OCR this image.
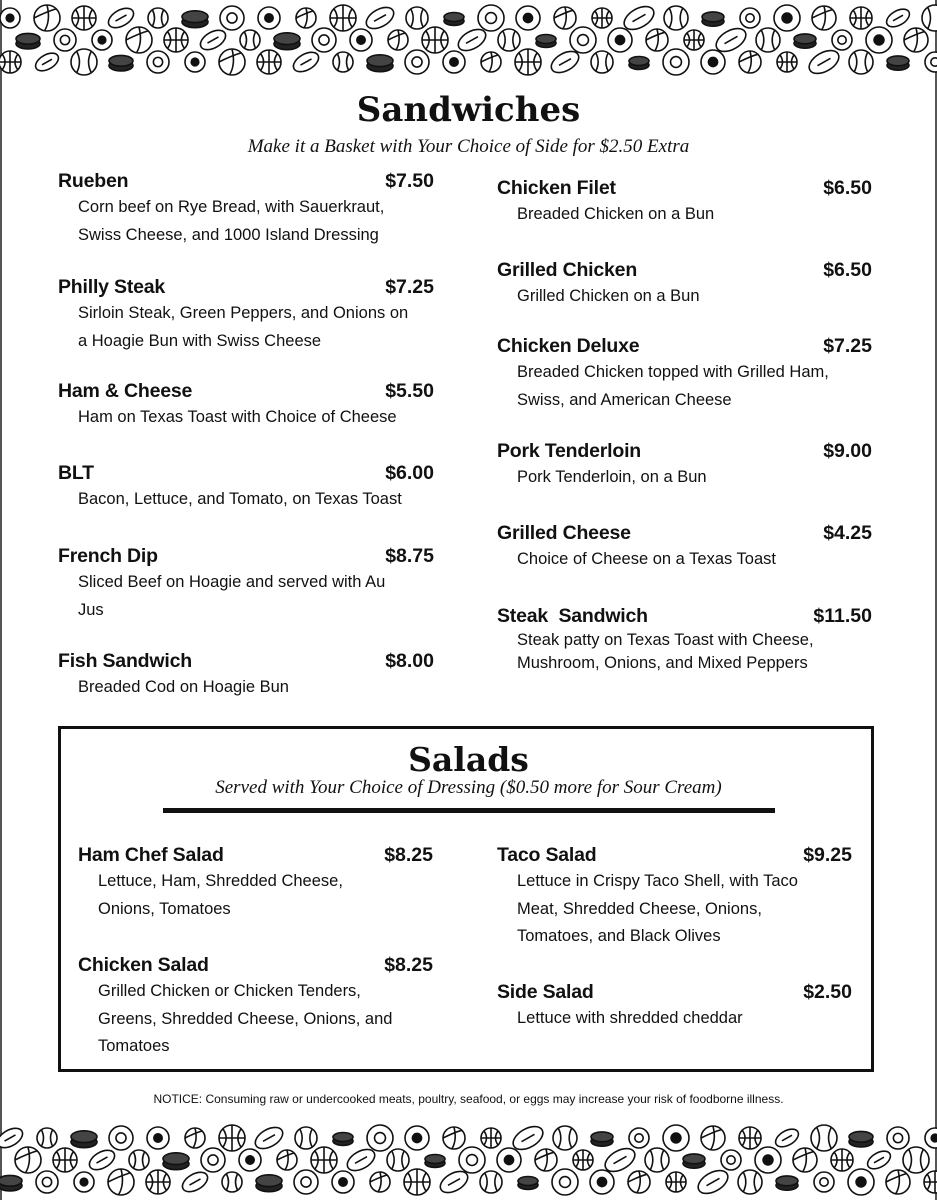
Sandwiches
Make it a Basket with Your Choice of Side for $2.50 Extra
Rueben	$7.50
Corn beef on Rye Bread, with Sauerkraut,
Swiss Cheese, and 1000 Island Dressing
Philly Steak	$7.25
Sirloin Steak, Green Peppers, and Onions on
a Hoagie Bun with Swiss Cheese
Ham & Cheese	$5.50
Ham on Texas Toast with Choice of Cheese
BLT	$6.00
Bacon, Lettuce, and Tomato, on Texas Toast
French Dip	$8.75
Sliced Beef on Hoagie and served with Au
Jus
Fish Sandwich	$8.00
Breaded Cod on Hoagie Bun
Chicken Filet	$6.50
Breaded Chicken on a Bun
Grilled Chicken	$6.50
Grilled Chicken on a Bun
Chicken Deluxe	$7.25
Breaded Chicken topped with Grilled Ham,
Swiss, and American Cheese
Pork Tenderloin	$9.00
Pork Tenderloin, on a Bun
Grilled Cheese	$4.25
Choice of Cheese on a Texas Toast
Steak  Sandwich	$11.50
Steak patty on Texas Toast with Cheese,
Mushroom, Onions, and Mixed Peppers
Salads
Served with Your Choice of Dressing ($0.50 more for Sour Cream)
Ham Chef Salad	$8.25
Lettuce, Ham, Shredded Cheese,
Onions, Tomatoes
Chicken Salad	$8.25
Grilled Chicken or Chicken Tenders,
Greens, Shredded Cheese, Onions, and
Tomatoes
Taco Salad	$9.25
Lettuce in Crispy Taco Shell, with Taco
Meat, Shredded Cheese, Onions,
Tomatoes, and Black Olives
Side Salad	$2.50
Lettuce with shredded cheddar
NOTICE: Consuming raw or undercooked meats, poultry, seafood, or eggs may increase your risk of foodborne illness.
